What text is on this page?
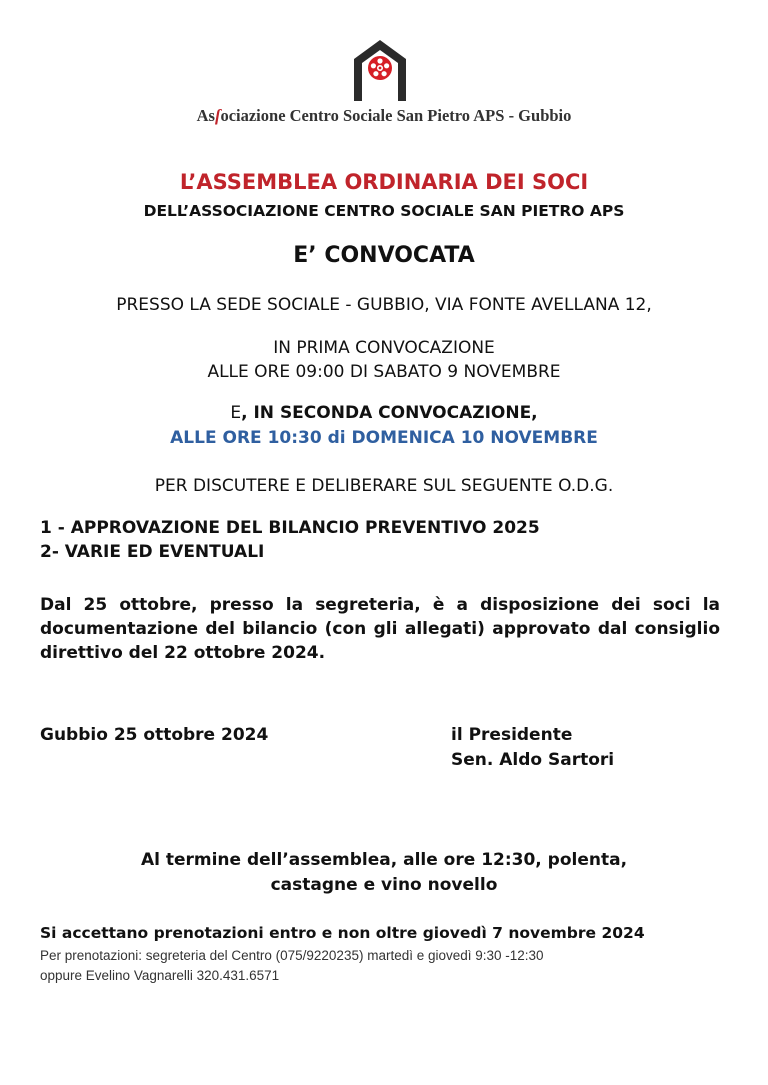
Asſociazione Centro Sociale San Pietro APS - Gubbio
L’ASSEMBLEA ORDINARIA DEI SOCI
DELL’ASSOCIAZIONE CENTRO SOCIALE SAN PIETRO APS
E’ CONVOCATA
PRESSO LA SEDE SOCIALE - GUBBIO, VIA FONTE AVELLANA 12,
IN PRIMA CONVOCAZIONE
ALLE ORE 09:00 DI SABATO 9 NOVEMBRE
E, IN SECONDA CONVOCAZIONE,
ALLE ORE 10:30 di DOMENICA 10 NOVEMBRE
PER DISCUTERE E DELIBERARE SUL SEGUENTE O.D.G.
1 - APPROVAZIONE DEL BILANCIO PREVENTIVO 2025
2- VARIE ED EVENTUALI
Dal 25 ottobre, presso la segreteria, è a disposizione dei soci la documentazione del bilancio (con gli allegati) approvato dal consiglio direttivo del 22 ottobre 2024.
Gubbio 25 ottobre 2024	il Presidente
Sen. Aldo Sartori
Al termine dell’assemblea, alle ore 12:30, polenta,
castagne e vino novello
Si accettano prenotazioni entro e non oltre giovedì 7 novembre 2024
Per prenotazioni: segreteria del Centro (075/9220235) martedì e giovedì 9:30 -12:30
oppure Evelino Vagnarelli 320.431.6571
